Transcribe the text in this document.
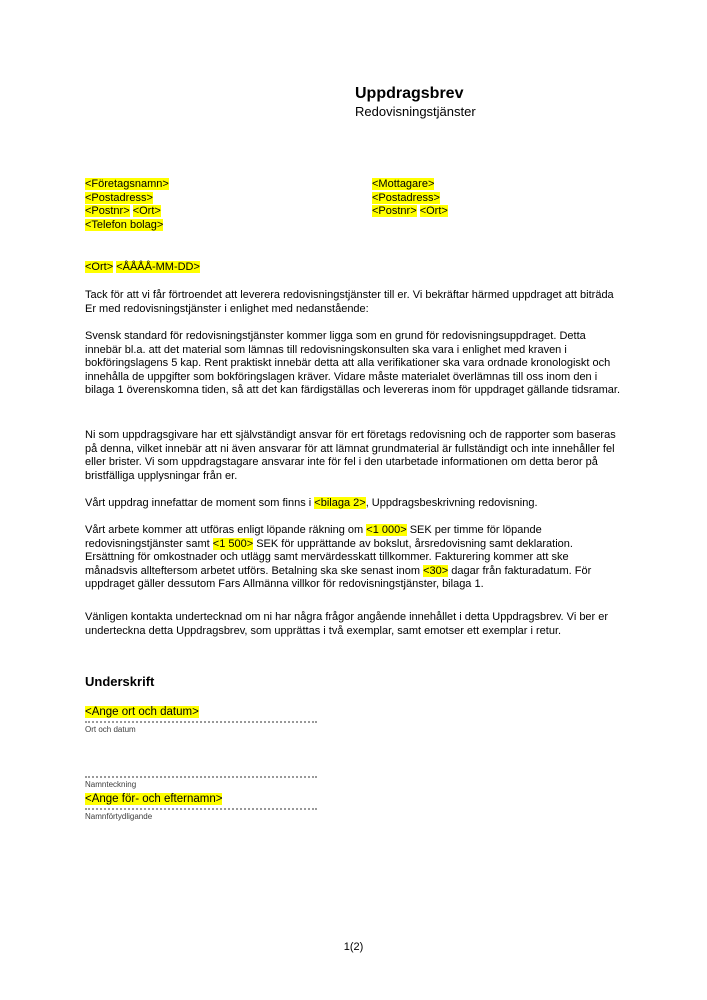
Uppdragsbrev
Redovisningstjänster
<Företagsnamn>
<Postadress>
<Postnr> <Ort>
<Telefon bolag>
<Mottagare>
<Postadress>
<Postnr> <Ort>
<Ort> <ÅÅÅÅ-MM-DD>

Tack för att vi får förtroendet att leverera redovisningstjänster till er. Vi bekräftar härmed uppdraget att biträda Er med redovisningstjänster i enlighet med nedanstående:

Svensk standard för redovisningstjänster kommer ligga som en grund för redovisningsuppdraget. Detta innebär bl.a. att det material som lämnas till redovisningskonsulten ska vara i enlighet med kraven i bokföringslagens 5 kap. Rent praktiskt innebär detta att alla verifikationer ska vara ordnade kronologiskt och innehålla de uppgifter som bokföringslagen kräver. Vidare måste materialet överlämnas till oss inom den i bilaga 1 överenskomna tiden, så att det kan färdigställas och levereras inom för uppdraget gällande tidsramar.

Ni som uppdragsgivare har ett självständigt ansvar för ert företags redovisning och de rapporter som baseras på denna, vilket innebär att ni även ansvarar för att lämnat grundmaterial är fullständigt och inte innehåller fel eller brister. Vi som uppdragstagare ansvarar inte för fel i den utarbetade informationen om detta beror på bristfälliga upplysningar från er.

Vårt uppdrag innefattar de moment som finns i <bilaga 2>, Uppdragsbeskrivning redovisning.

Vårt arbete kommer att utföras enligt löpande räkning om <1 000> SEK per timme för löpande redovisningstjänster samt <1 500> SEK för upprättande av bokslut, årsredovisning samt deklaration. Ersättning för omkostnader och utlägg samt mervärdesskatt tillkommer. Fakturering kommer att ske månadsvis allteftersom arbetet utförs. Betalning ska ske senast inom <30> dagar från fakturadatum. För uppdraget gäller dessutom Fars Allmänna villkor för redovisningstjänster, bilaga 1.

Vänligen kontakta undertecknad om ni har några frågor angående innehållet i detta Uppdragsbrev. Vi ber er underteckna detta Uppdragsbrev, som upprättas i två exemplar, samt emotser ett exemplar i retur.

Underskrift
<Ange ort och datum>
Ort och datum
Namnteckning
<Ange för- och efternamn>
Namnförtydligande
1(2)
